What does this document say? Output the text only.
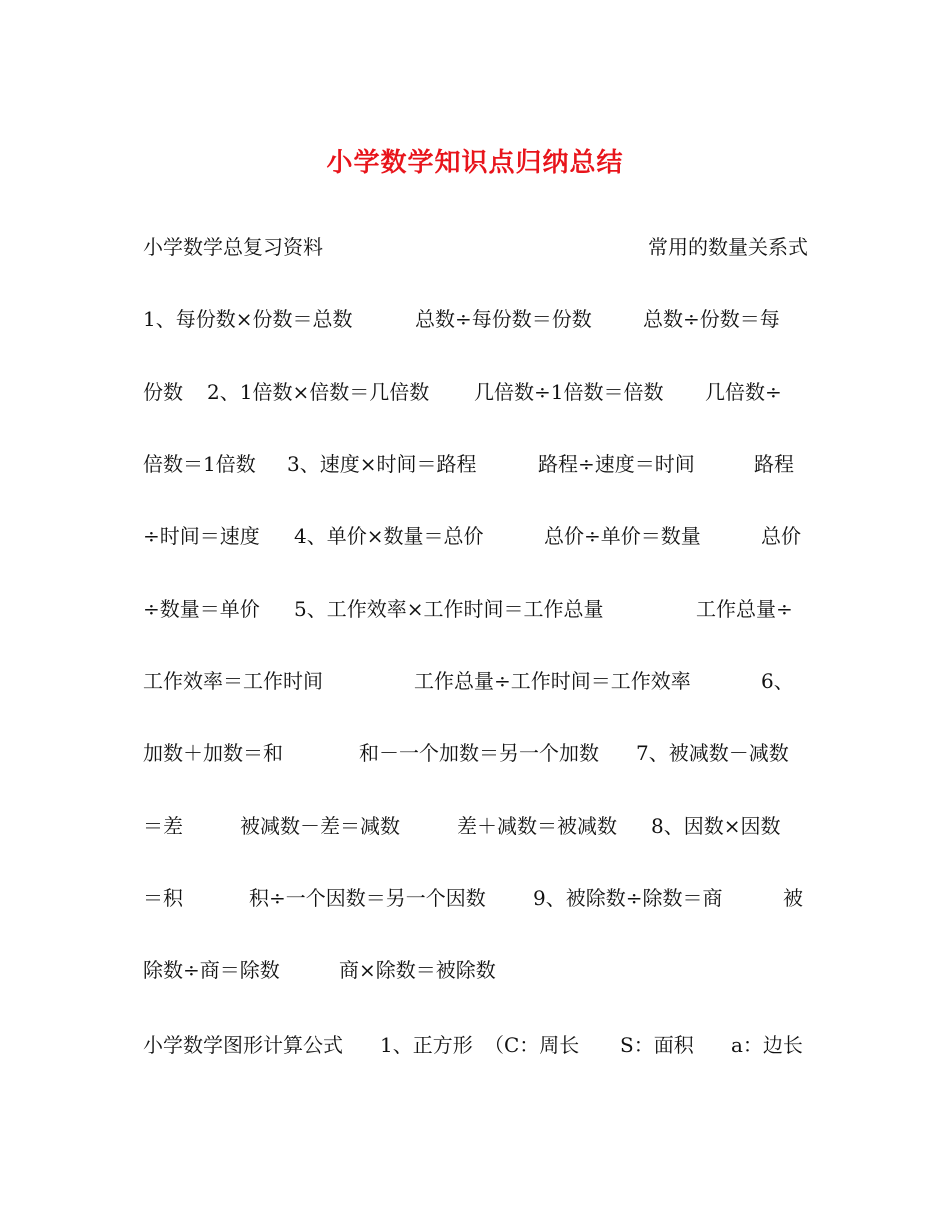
小学数学知识点归纳总结
小学数学总复习资料	常用的数量关系式
1、每份数×份数＝总数	总数÷每份数＝份数	总数÷份数＝每
份数 2、1倍数×倍数＝几倍数 几倍数÷1倍数＝倍数 几倍数÷
倍数＝1倍数 3、速度×时间＝路程	路程÷速度＝时间	路程
÷时间＝速度 4、单价×数量＝总价	总价÷单价＝数量	总价
÷数量＝单价 5、工作效率×工作时间＝工作总量	工作总量÷
工作效率＝工作时间	工作总量÷工作时间＝工作效率	6、
加数＋加数＝和	和－一个加数＝另一个加数 7、被减数－减数
＝差	被减数－差＝减数	差＋减数＝被减数 8、因数×因数
＝积	积÷一个因数＝另一个因数 9、被除数÷除数＝商	被
除数÷商＝除数	商×除数＝被除数
小学数学图形计算公式 1、正方形 （C：周长 S：面积 a：边长
